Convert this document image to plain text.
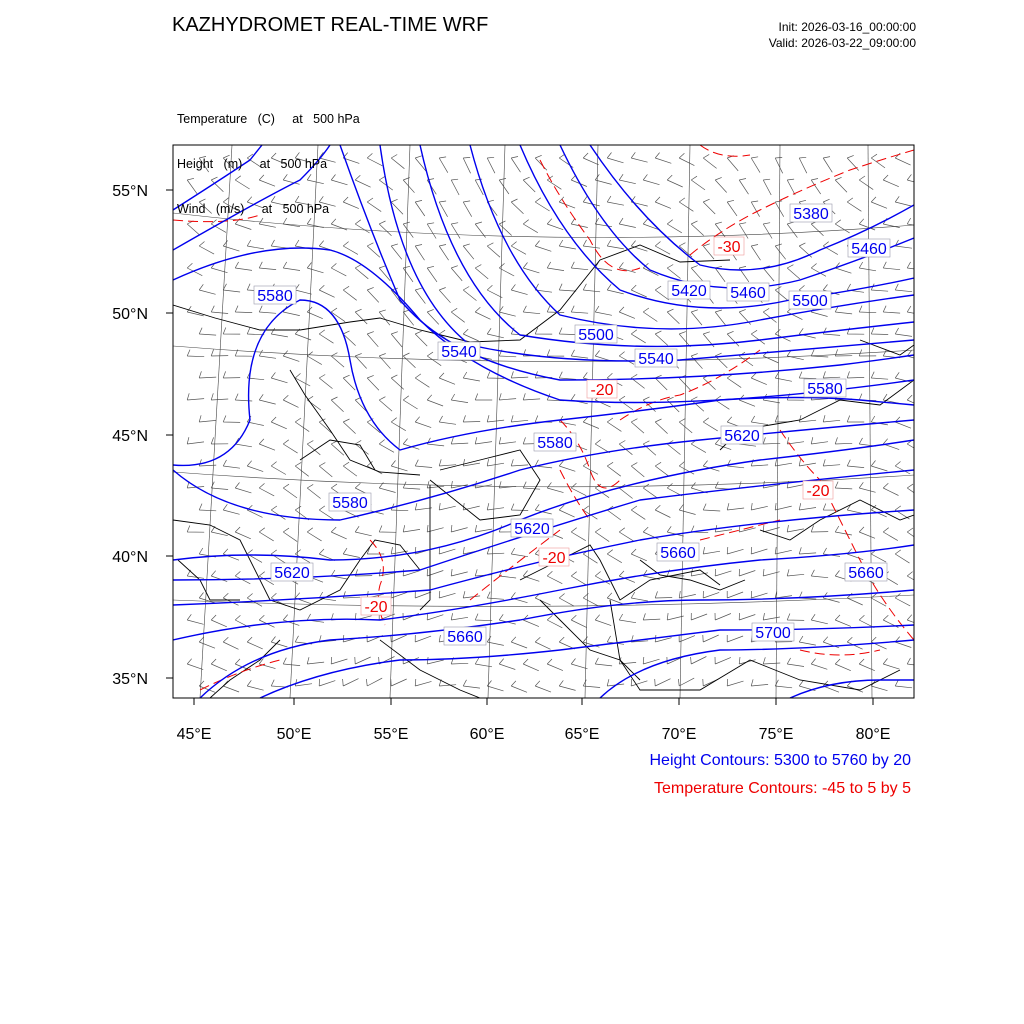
5380
5460
5420 5460 5500
5580
5500
5540	5540
5580
5580	5620
5580
5620
5660
5620	5660
5660	5700
-30
-20
-20
-20
-20
55°N
50°N
45°N
40°N
35°N
45°E	50°E	55°E	60°E	65°E	70°E	75°E	80°E
KAZHYDROMET REAL-TIME WRF	Init: 2026-03-16_00:00:00
Valid: 2026-03-22_09:00:00

Temperature   (C)     at   500 hPa

Height   (m)     at   500 hPa

Wind   (m/s)     at   500 hPa

Height Contours: 5300 to 5760 by 20
Temperature Contours: -45 to 5 by 5
